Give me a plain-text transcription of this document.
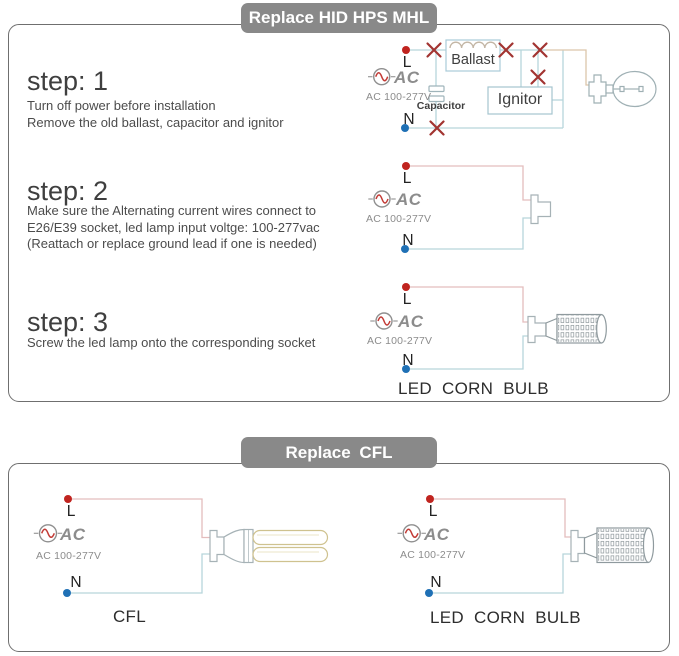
Replace HID HPS MHL
step: 1
Turn off power before installation
Remove the old ballast, capacitor and ignitor
step: 2
Make sure the Alternating current wires connect to
E26/E39 socket, led lamp input voltge: 100-277vac
(Reattach or replace ground lead if one is needed)
step: 3
Screw the led lamp onto the corresponding socket
L
N
AC
AC 100-277V
Ballast
Ignitor
Capacitor
L
N
AC
AC 100-277V
L
N
AC
AC 100-277V
LED CORN BULB
Replace CFL
L
N
AC
AC 100-277V
CFL
L
N
AC
AC 100-277V
LED CORN BULB
